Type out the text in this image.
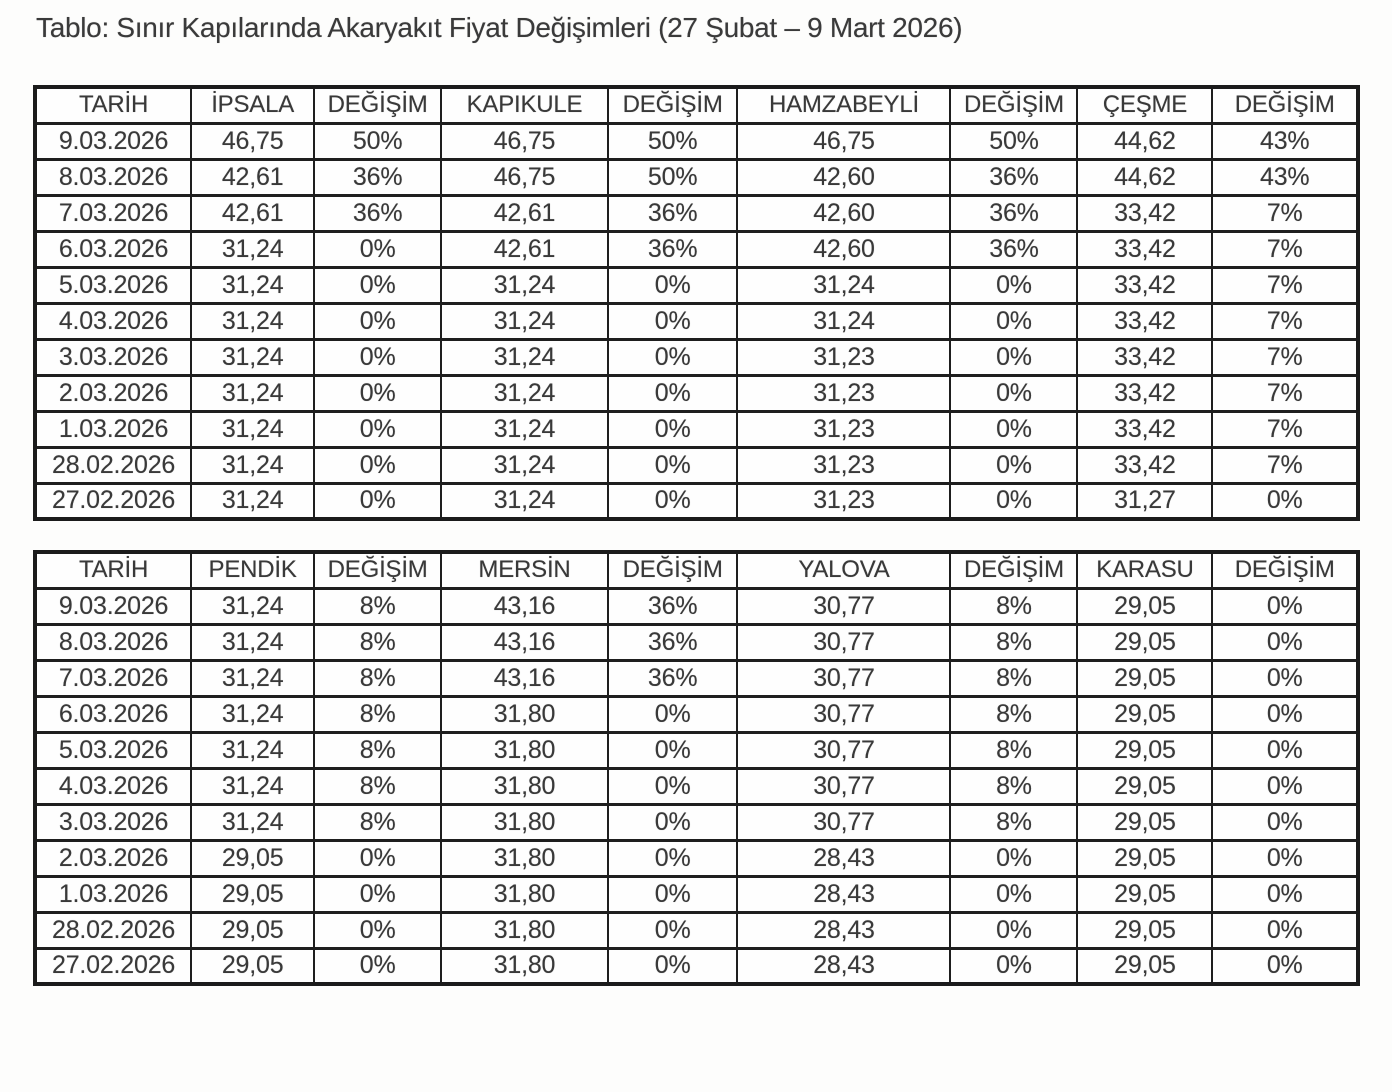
Tablo: Sınır Kapılarında Akaryakıt Fiyat Değişimleri (27 Şubat – 9 Mart 2026)
TARİH	İPSALA	DEĞİŞİM	KAPIKULE	DEĞİŞİM	HAMZABEYLİ	DEĞİŞİM	ÇEŞME	DEĞİŞİM
9.03.2026	46,75	50%	46,75	50%	46,75	50%	44,62	43%
8.03.2026	42,61	36%	46,75	50%	42,60	36%	44,62	43%
7.03.2026	42,61	36%	42,61	36%	42,60	36%	33,42	7%
6.03.2026	31,24	0%	42,61	36%	42,60	36%	33,42	7%
5.03.2026	31,24	0%	31,24	0%	31,24	0%	33,42	7%
4.03.2026	31,24	0%	31,24	0%	31,24	0%	33,42	7%
3.03.2026	31,24	0%	31,24	0%	31,23	0%	33,42	7%
2.03.2026	31,24	0%	31,24	0%	31,23	0%	33,42	7%
1.03.2026	31,24	0%	31,24	0%	31,23	0%	33,42	7%
28.02.2026	31,24	0%	31,24	0%	31,23	0%	33,42	7%
27.02.2026	31,24	0%	31,24	0%	31,23	0%	31,27	0%
TARİH	PENDİK	DEĞİŞİM	MERSİN	DEĞİŞİM	YALOVA	DEĞİŞİM	KARASU	DEĞİŞİM
9.03.2026	31,24	8%	43,16	36%	30,77	8%	29,05	0%
8.03.2026	31,24	8%	43,16	36%	30,77	8%	29,05	0%
7.03.2026	31,24	8%	43,16	36%	30,77	8%	29,05	0%
6.03.2026	31,24	8%	31,80	0%	30,77	8%	29,05	0%
5.03.2026	31,24	8%	31,80	0%	30,77	8%	29,05	0%
4.03.2026	31,24	8%	31,80	0%	30,77	8%	29,05	0%
3.03.2026	31,24	8%	31,80	0%	30,77	8%	29,05	0%
2.03.2026	29,05	0%	31,80	0%	28,43	0%	29,05	0%
1.03.2026	29,05	0%	31,80	0%	28,43	0%	29,05	0%
28.02.2026	29,05	0%	31,80	0%	28,43	0%	29,05	0%
27.02.2026	29,05	0%	31,80	0%	28,43	0%	29,05	0%
